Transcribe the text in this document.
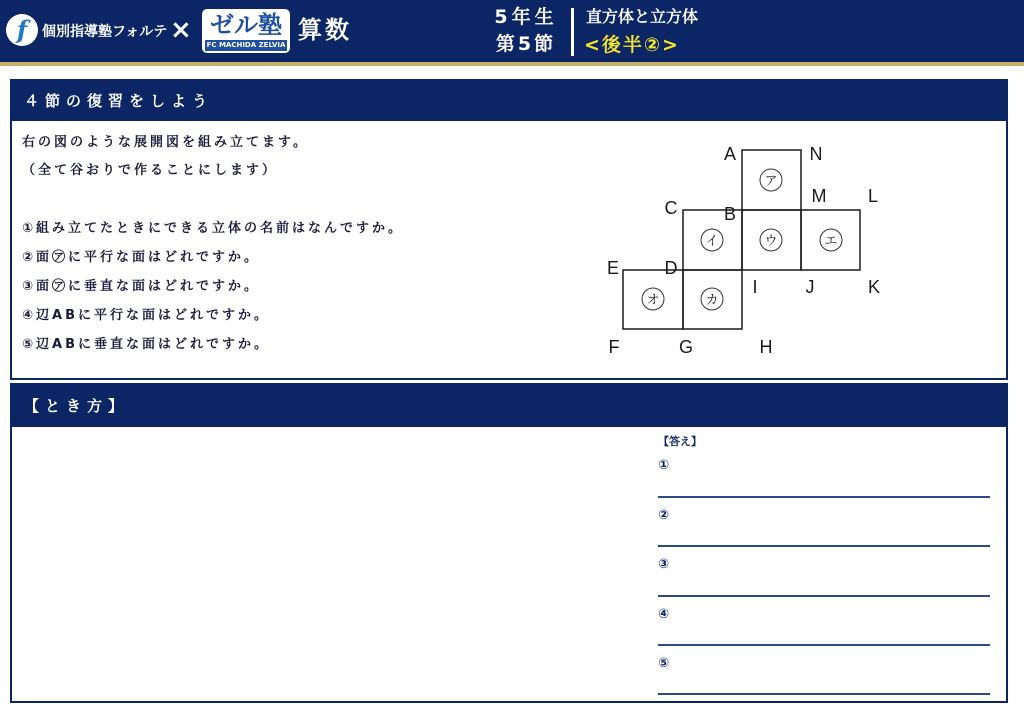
f	個別指導塾フォルテ × ゼル塾
FC MACHIDA ZELVIA
算数	5年生
第5節
直方体と立方体
<後半②>
４節の復習をしよう
右の図のような展開図を組み立てます。
（全て谷おりで作ることにします）
①組み立てたときにできる立体の名前はなんですか。
②面㋐に平行な面はどれですか。
③面㋐に垂直な面はどれですか。
④辺ABに平行な面はどれですか。
⑤辺ABに垂直な面はどれですか。
ア
イ	ウ	エ
オ	カ
A	N
B
M L
C
D
E
I	J	K
F	G	H
【とき方】
【答え】
①
②
③
④
⑤
